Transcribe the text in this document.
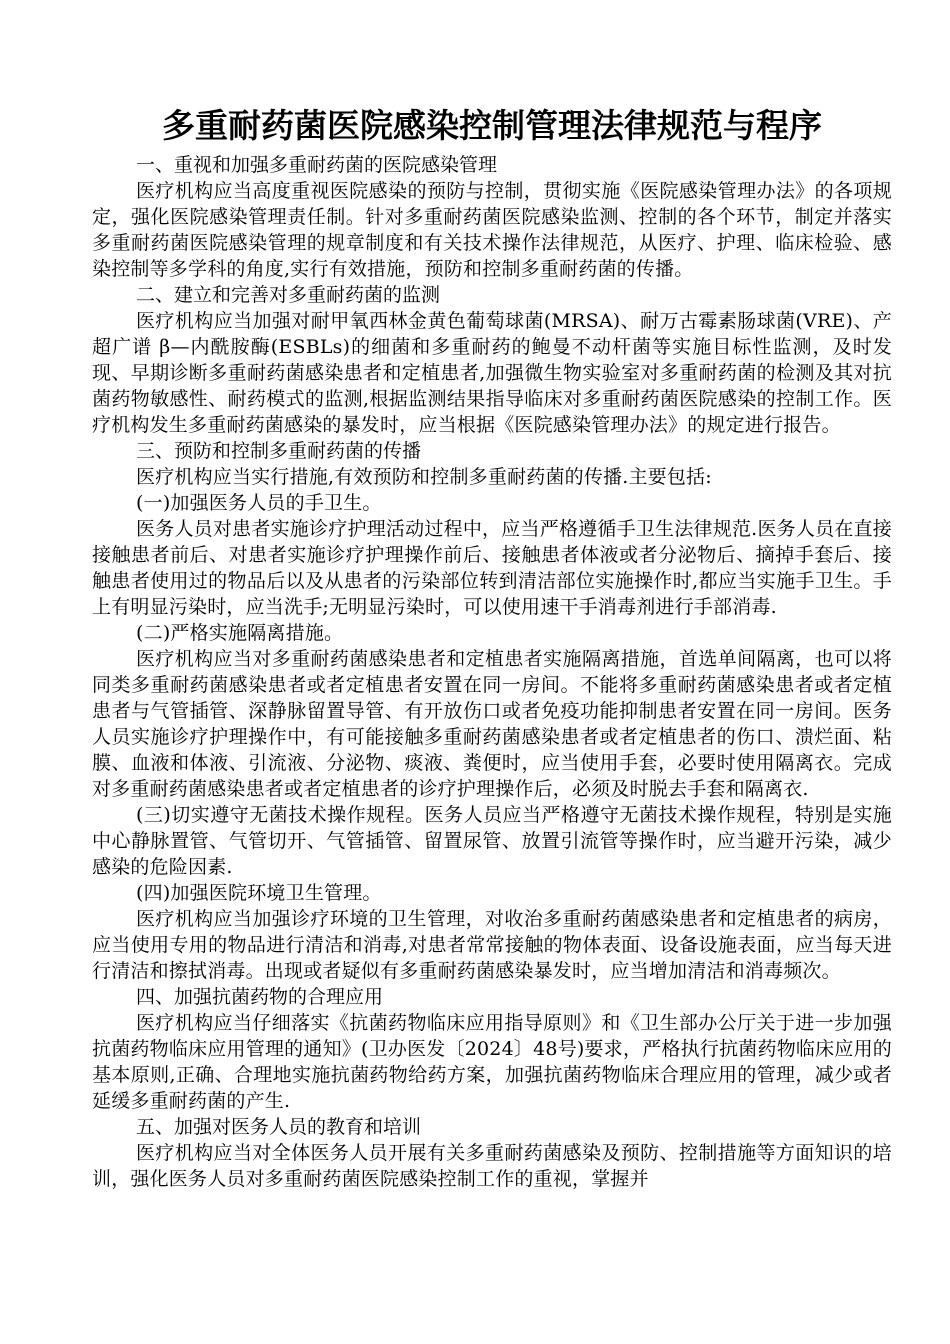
多重耐药菌医院感染控制管理法律规范与程序

一、重视和加强多重耐药菌的医院感染管理

医疗机构应当高度重视医院感染的预防与控制，贯彻实施《医院感染管理办法》的各项规定，强化医院感染管理责任制。针对多重耐药菌医院感染监测、控制的各个环节，制定并落实多重耐药菌医院感染管理的规章制度和有关技术操作法律规范，从医疗、护理、临床检验、感染控制等多学科的角度,实行有效措施，预防和控制多重耐药菌的传播。

二、建立和完善对多重耐药菌的监测

医疗机构应当加强对耐甲氧西林金黄色葡萄球菌(MRSA)、耐万古霉素肠球菌(VRE)、产超广谱 β—内酰胺酶(ESBLs)的细菌和多重耐药的鲍曼不动杆菌等实施目标性监测，及时发现、早期诊断多重耐药菌感染患者和定植患者,加强微生物实验室对多重耐药菌的检测及其对抗菌药物敏感性、耐药模式的监测,根据监测结果指导临床对多重耐药菌医院感染的控制工作。医疗机构发生多重耐药菌感染的暴发时，应当根据《医院感染管理办法》的规定进行报告。

三、预防和控制多重耐药菌的传播

医疗机构应当实行措施,有效预防和控制多重耐药菌的传播.主要包括:

(一)加强医务人员的手卫生。

医务人员对患者实施诊疗护理活动过程中，应当严格遵循手卫生法律规范.医务人员在直接接触患者前后、对患者实施诊疗护理操作前后、接触患者体液或者分泌物后、摘掉手套后、接触患者使用过的物品后以及从患者的污染部位转到清洁部位实施操作时,都应当实施手卫生。手上有明显污染时，应当洗手;无明显污染时，可以使用速干手消毒剂进行手部消毒.

(二)严格实施隔离措施。

医疗机构应当对多重耐药菌感染患者和定植患者实施隔离措施，首选单间隔离，也可以将同类多重耐药菌感染患者或者定植患者安置在同一房间。不能将多重耐药菌感染患者或者定植患者与气管插管、深静脉留置导管、有开放伤口或者免疫功能抑制患者安置在同一房间。医务人员实施诊疗护理操作中，有可能接触多重耐药菌感染患者或者定植患者的伤口、溃烂面、粘膜、血液和体液、引流液、分泌物、痰液、粪便时，应当使用手套，必要时使用隔离衣。完成对多重耐药菌感染患者或者定植患者的诊疗护理操作后，必须及时脱去手套和隔离衣.

(三)切实遵守无菌技术操作规程。医务人员应当严格遵守无菌技术操作规程，特别是实施中心静脉置管、气管切开、气管插管、留置尿管、放置引流管等操作时，应当避开污染，减少感染的危险因素.

(四)加强医院环境卫生管理。

医疗机构应当加强诊疗环境的卫生管理，对收治多重耐药菌感染患者和定植患者的病房，应当使用专用的物品进行清洁和消毒,对患者常常接触的物体表面、设备设施表面，应当每天进行清洁和擦拭消毒。出现或者疑似有多重耐药菌感染暴发时，应当增加清洁和消毒频次。

四、加强抗菌药物的合理应用

医疗机构应当仔细落实《抗菌药物临床应用指导原则》和《卫生部办公厅关于进一步加强抗菌药物临床应用管理的通知》(卫办医发〔2024〕48号)要求，严格执行抗菌药物临床应用的基本原则,正确、合理地实施抗菌药物给药方案，加强抗菌药物临床合理应用的管理，减少或者延缓多重耐药菌的产生.

五、加强对医务人员的教育和培训

医疗机构应当对全体医务人员开展有关多重耐药菌感染及预防、控制措施等方面知识的培训，强化医务人员对多重耐药菌医院感染控制工作的重视，掌握并
